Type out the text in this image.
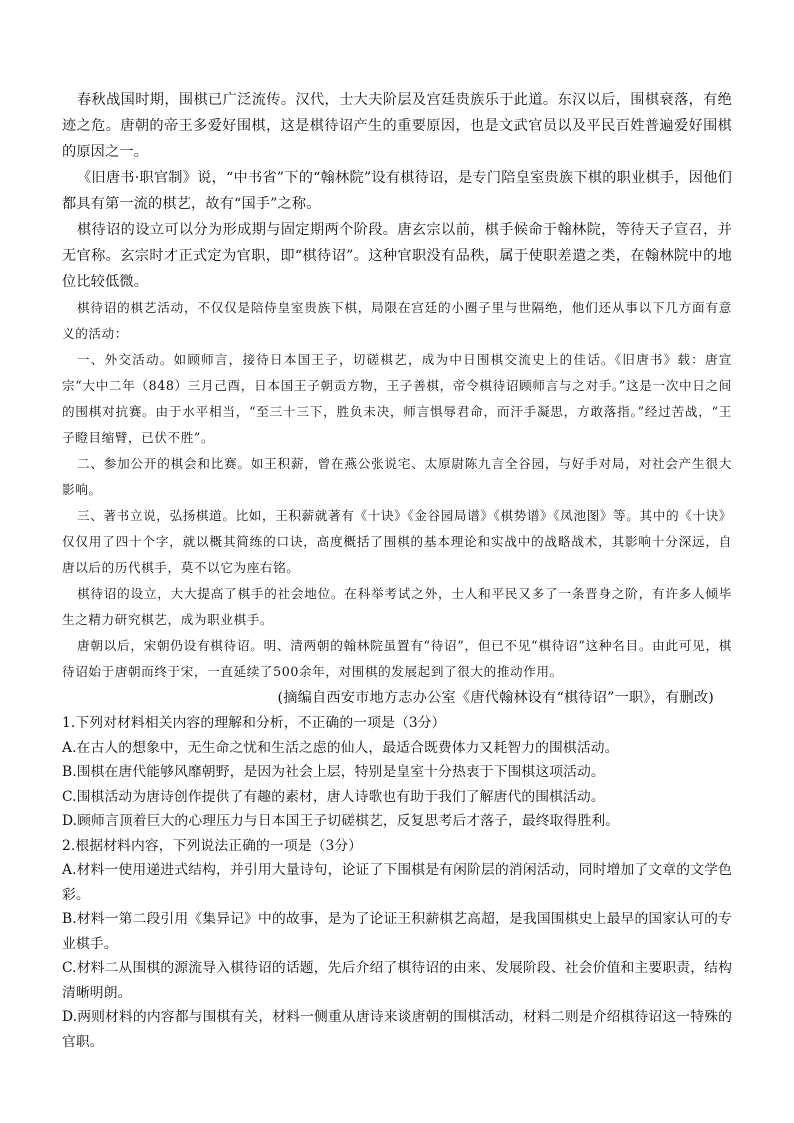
春秋战国时期，围棋已广泛流传。汉代，士大夫阶层及宫廷贵族乐于此道。东汉以后，围棋衰落，有绝迹之危。唐朝的帝王多爱好围棋，这是棋待诏产生的重要原因，也是文武官员以及平民百姓普遍爱好围棋的原因之一。

《旧唐书·职官制》说，“中书省”下的“翰林院”设有棋待诏，是专门陪皇室贵族下棋的职业棋手，因他们都具有第一流的棋艺，故有“国手”之称。

棋待诏的设立可以分为形成期与固定期两个阶段。唐玄宗以前，棋手候命于翰林院，等待天子宣召，并无官称。玄宗时才正式定为官职，即“棋待诏”。这种官职没有品秩，属于使职差遣之类，在翰林院中的地位比较低微。

棋待诏的棋艺活动，不仅仅是陪侍皇室贵族下棋，局限在宫廷的小圈子里与世隔绝，他们还从事以下几方面有意义的活动：

一、外交活动。如顾师言，接待日本国王子，切磋棋艺，成为中日围棋交流史上的佳话。《旧唐书》载：唐宣宗“大中二年（848）三月己酉，日本国王子朝贡方物，王子善棋，帝令棋待诏顾师言与之对手。”这是一次中日之间的围棋对抗赛。由于水平相当，“至三十三下，胜负未决，师言惧辱君命，而汗手凝思，方敢落指。”经过苦战，“王子瞪目缩臂，已伏不胜”。

二、参加公开的棋会和比赛。如王积薪，曾在燕公张说宅、太原尉陈九言全谷园，与好手对局，对社会产生很大影响。

三、著书立说，弘扬棋道。比如，王积薪就著有《十诀》《金谷园局谱》《棋势谱》《凤池图》等。其中的《十诀》仅仅用了四十个字，就以概其简练的口诀，高度概括了围棋的基本理论和实战中的战略战术，其影响十分深远，自唐以后的历代棋手，莫不以它为座右铭。

棋待诏的设立，大大提高了棋手的社会地位。在科举考试之外，士人和平民又多了一条晋身之阶，有许多人倾毕生之精力研究棋艺，成为职业棋手。

唐朝以后，宋朝仍设有棋待诏。明、清两朝的翰林院虽置有“待诏”，但已不见“棋待诏”这种名目。由此可见，棋待诏始于唐朝而终于宋，一直延续了500余年，对围棋的发展起到了很大的推动作用。

(摘编自西安市地方志办公室《唐代翰林设有“棋待诏”一职》，有删改)

1.下列对材料相关内容的理解和分析，不正确的一项是（3分）

A.在古人的想象中，无生命之忧和生活之虑的仙人，最适合既费体力又耗智力的围棋活动。

B.围棋在唐代能够风靡朝野，是因为社会上层，特别是皇室十分热衷于下围棋这项活动。

C.围棋活动为唐诗创作提供了有趣的素材，唐人诗歌也有助于我们了解唐代的围棋活动。

D.顾师言顶着巨大的心理压力与日本国王子切磋棋艺，反复思考后才落子，最终取得胜利。

2.根据材料内容，下列说法正确的一项是（3分）

A.材料一使用递进式结构，并引用大量诗句，论证了下围棋是有闲阶层的消闲活动，同时增加了文章的文学色彩。

B.材料一第二段引用《集异记》中的故事，是为了论证王积薪棋艺高超，是我国围棋史上最早的国家认可的专业棋手。

C.材料二从围棋的源流导入棋待诏的话题，先后介绍了棋待诏的由来、发展阶段、社会价值和主要职责，结构清晰明朗。

D.两则材料的内容都与围棋有关，材料一侧重从唐诗来谈唐朝的围棋活动，材料二则是介绍棋待诏这一特殊的官职。
